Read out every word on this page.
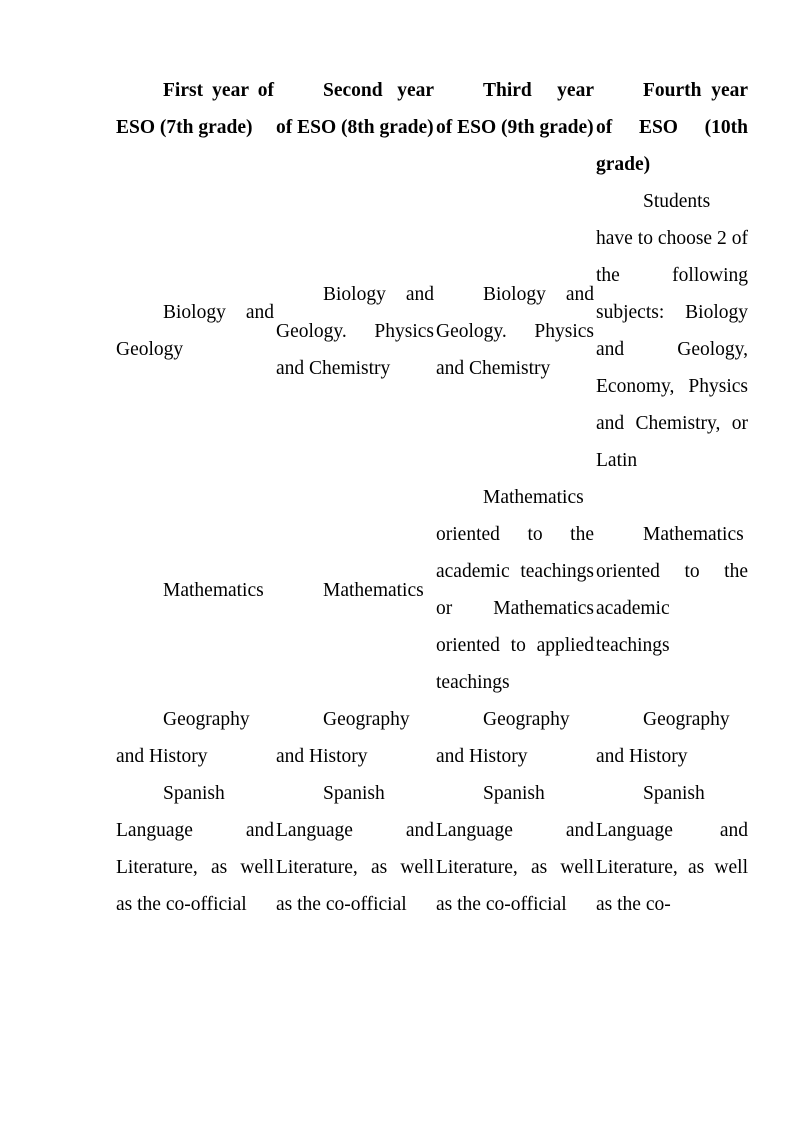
First year of ESO (7th grade)	Second year of ESO (8th grade)	Third year of ESO (9th grade)	Fourth year of ESO (10th grade)
Biology and Geology	Biology and Geology. Physics and Chemistry	Biology and Geology. Physics and Chemistry	Students have to choose 2 of the following subjects: Biology and Geology, Economy, Physics and Chemistry, or Latin
Mathematics	Mathematics	Mathematics oriented to the academic teachings or Mathematics oriented to applied teachings	Mathematics oriented to the academic teachings
Geography and History	Geography and History	Geography and History	Geography and History
Spanish Language and Literature, as well as the co-official	Spanish Language and Literature, as well as the co-official	Spanish Language and Literature, as well as the co-official	Spanish Language and Literature, as well as the co-
